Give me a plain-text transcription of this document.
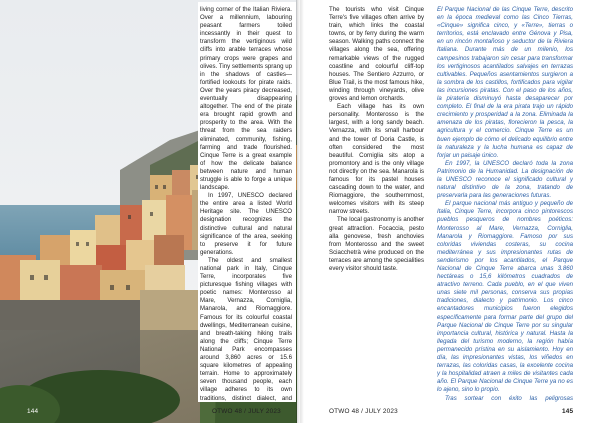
living corner of the Italian Riviera. Over a millennium, labouring peasant farmers toiled incessantly in their quest to transform the vertiginous wild cliffs into arable terraces whose primary crops were grapes and olives. Tiny settlements sprang up in the shadows of castles—fortified lookouts for pirate raids. Over the years piracy decreased, eventually disappearing altogether. The end of the pirate era brought rapid growth and prosperity to the area. With the threat from the sea raiders eliminated, community, fishing, farming and trade flourished. Cinque Terre is a great example of how the delicate balance between nature and human struggle is able to forge a unique landscape.

In 1997, UNESCO declared the entire area a listed World Heritage site. The UNESCO designation recognizes the distinctive cultural and natural significance of the area, seeking to preserve it for future generations.

The oldest and smallest national park in Italy, Cinque Terre, incorporates five picturesque fishing villages with poetic names: Monterosso al Mare, Vernazza, Corniglia, Manarola, and Riomaggiore. Famous for its colourful coastal dwellings, Mediterranean cuisine, and breath-taking hiking trails along the cliffs; Cinque Terre National Park encompasses around 3,860 acres or 15.6 square kilometres of appealing terrain. Home to approximately seven thousand people, each village adheres to its own traditions, distinct dialect, and

The tourists who visit Cinque Terre's five villages often arrive by train, which links the coastal towns, or by ferry during the warm season. Walking paths connect the villages along the sea, offering remarkable views of the rugged coastline and colourful cliff-top houses. The Sentiero Azzurro, or Blue Trail, is the most famous hike, winding through vineyards, olive groves and lemon orchards.

Each village has its own personality. Monterosso is the largest, with a long sandy beach. Vernazza, with its small harbour and the tower of Doria Castle, is often considered the most beautiful. Corniglia sits atop a promontory and is the only village not directly on the sea. Manarola is famous for its pastel houses cascading down to the water, and Riomaggiore, the southernmost, welcomes visitors with its steep narrow streets.

The local gastronomy is another great attraction. Focaccia, pesto alla genovese, fresh anchovies from Monterosso and the sweet Sciacchetrà wine produced on the terraces are among the specialities every visitor should taste.

El Parque Nacional de las Cinque Terre, descrito en la época medieval como las Cinco Tierras, «Cinque» significa cinco, y «Terre», tierras o territorios, está enclavado entre Génova y Pisa, en un rincón montañoso y seductor de la Riviera Italiana. Durante más de un milenio, los campesinos trabajaron sin cesar para transformar los vertiginosos acantilados salvajes en terrazas cultivables. Pequeños asentamientos surgieron a la sombra de los castillos, fortificados para vigilar las incursiones piratas. Con el paso de los años, la piratería disminuyó hasta desaparecer por completo. El final de la era pirata trajo un rápido crecimiento y prosperidad a la zona. Eliminada la amenaza de los piratas, florecieron la pesca, la agricultura y el comercio. Cinque Terre es un buen ejemplo de cómo el delicado equilibrio entre la naturaleza y la lucha humana es capaz de forjar un paisaje único.

En 1997, la UNESCO declaró toda la zona Patrimonio de la Humanidad. La designación de la UNESCO reconoce el significado cultural y natural distintivo de la zona, tratando de preservarla para las generaciones futuras.

El parque nacional más antiguo y pequeño de Italia, Cinque Terre, incorpora cinco pintorescos pueblos pesqueros de nombres poéticos: Monterosso al Mare, Vernazza, Corniglia, Manarola y Riomaggiore. Famoso por sus coloridas viviendas costeras, su cocina mediterránea y sus impresionantes rutas de senderismo por los acantilados, el Parque Nacional de Cinque Terre abarca unas 3.860 hectáreas o 15,6 kilómetros cuadrados de atractivo terreno. Cada pueblo, en el que viven unas siete mil personas, conserva sus propias tradiciones, dialecto y patrimonio. Los cinco encantadores municipios fueron elegidos específicamente para formar parte del grupo del Parque Nacional de Cinque Terre por su singular importancia cultural, histórica y natural. Hasta la llegada del turismo moderno, la región había permanecido prístina en su aislamiento. Hoy en día, las impresionantes vistas, los viñedos en terrazas, las coloridas casas, la excelente cocina y la hospitalidad atraen a miles de visitantes cada año. El Parque Nacional de Cinque Terre ya no es lo ajeno, sino lo propio.

Tras sortear con éxito las peligrosas

144	OTWO 48 / JULY 2023	OTWO 48 / JULY 2023	145
